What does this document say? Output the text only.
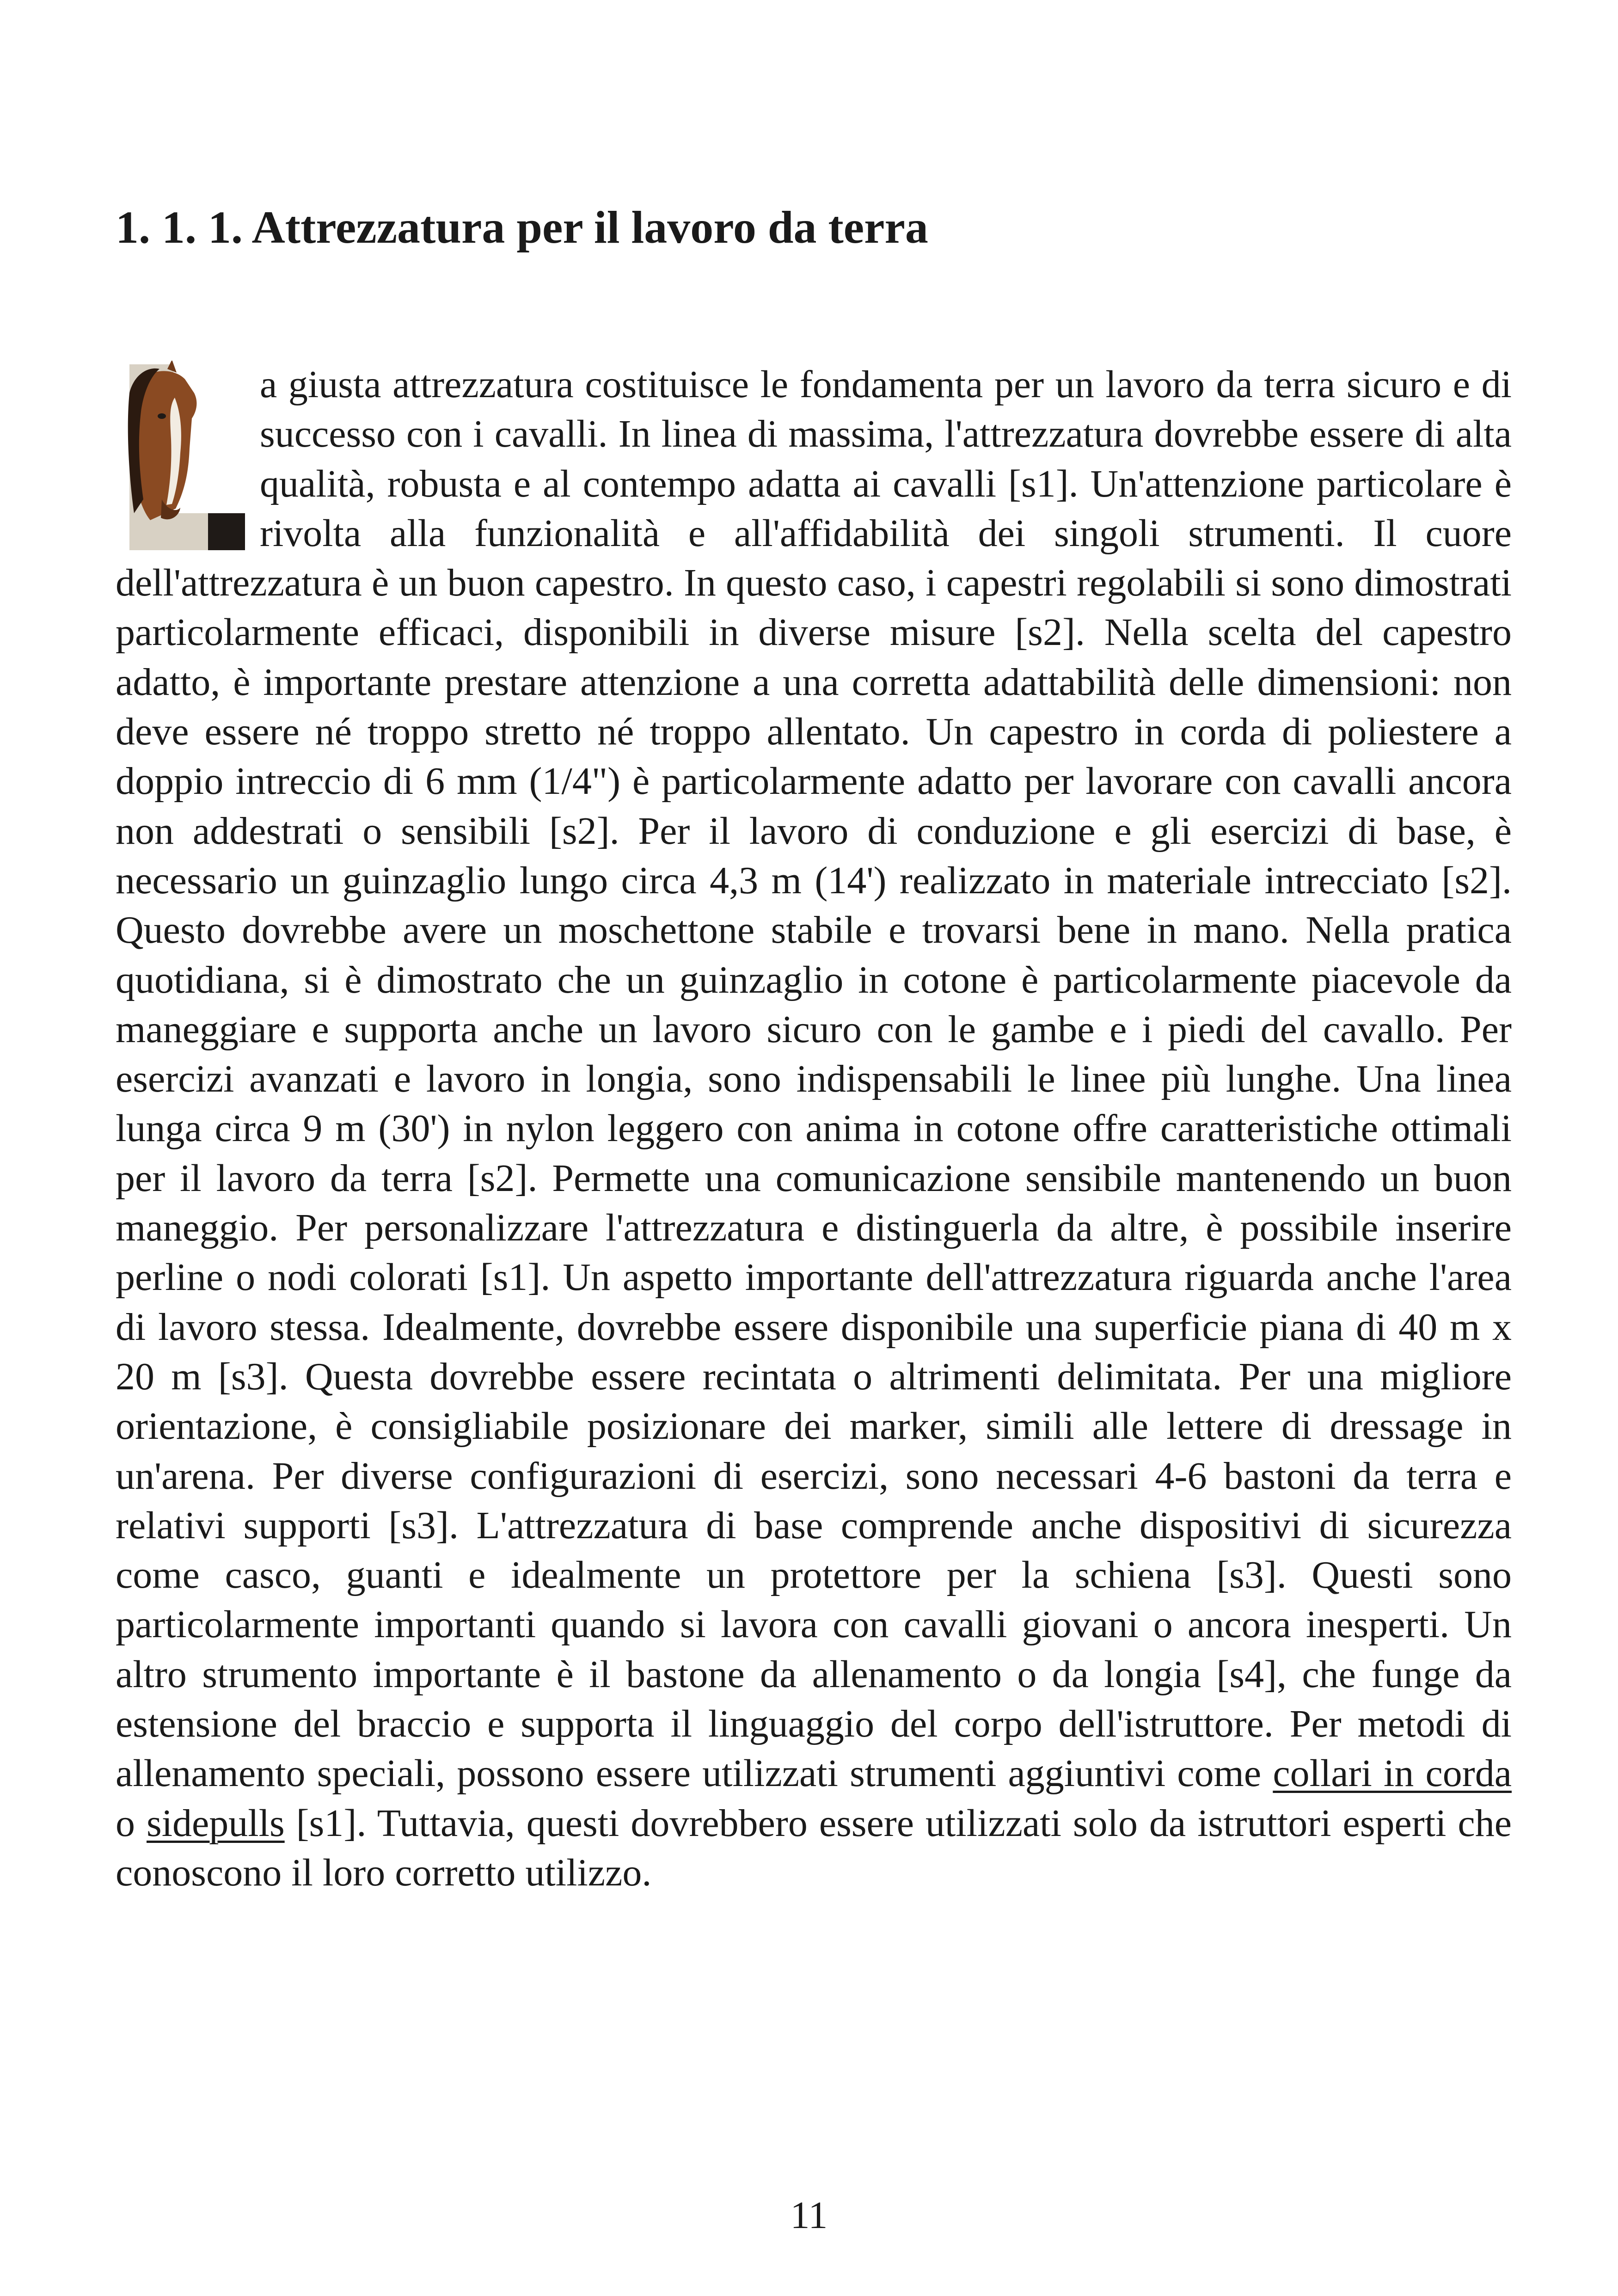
1. 1. 1. Attrezzatura per il lavoro da terra

a giusta attrezzatura costituisce le fondamenta per un lavoro da terra sicuro e di successo con i cavalli. In linea di massima, l'attrezzatura dovrebbe essere di alta qualità, robusta e al contempo adatta ai cavalli [s1]. Un'attenzione particolare è rivolta alla funzionalità e all'affidabilità dei singoli strumenti. Il cuore dell'attrezzatura è un buon capestro. In questo caso, i capestri regolabili si sono dimostrati particolarmente efficaci, disponibili in diverse misure [s2]. Nella scelta del capestro adatto, è importante prestare attenzione a una corretta adattabilità delle dimensioni: non deve essere né troppo stretto né troppo allentato. Un capestro in corda di poliestere a doppio intreccio di 6 mm (1/4") è particolarmente adatto per lavorare con cavalli ancora non addestrati o sensibili [s2]. Per il lavoro di conduzione e gli esercizi di base, è necessario un guinzaglio lungo circa 4,3 m (14') realizzato in materiale intrecciato [s2]. Questo dovrebbe avere un moschettone stabile e trovarsi bene in mano. Nella pratica quotidiana, si è dimostrato che un guinzaglio in cotone è particolarmente piacevole da maneggiare e supporta anche un lavoro sicuro con le gambe e i piedi del cavallo. Per esercizi avanzati e lavoro in longia, sono indispensabili le linee più lunghe. Una linea lunga circa 9 m (30') in nylon leggero con anima in cotone offre caratteristiche ottimali per il lavoro da terra [s2]. Permette una comunicazione sensibile mantenendo un buon maneggio. Per personalizzare l'attrezzatura e distinguerla da altre, è possibile inserire perline o nodi colorati [s1]. Un aspetto importante dell'attrezzatura riguarda anche l'area di lavoro stessa. Idealmente, dovrebbe essere disponibile una superficie piana di 40 m x 20 m [s3]. Questa dovrebbe essere recintata o altrimenti delimitata. Per una migliore orientazione, è consigliabile posizionare dei marker, simili alle lettere di dressage in un'arena. Per diverse configurazioni di esercizi, sono necessari 4-6 bastoni da terra e relativi supporti [s3]. L'attrezzatura di base comprende anche dispositivi di sicurezza come casco, guanti e idealmente un protettore per la schiena [s3]. Questi sono particolarmente importanti quando si lavora con cavalli giovani o ancora inesperti. Un altro strumento importante è il bastone da allenamento o da longia [s4], che funge da estensione del braccio e supporta il linguaggio del corpo dell'istruttore. Per metodi di allenamento speciali, possono essere utilizzati strumenti aggiuntivi come collari in corda o sidepulls [s1]. Tuttavia, questi dovrebbero essere utilizzati solo da istruttori esperti che conoscono il loro corretto utilizzo.

11
